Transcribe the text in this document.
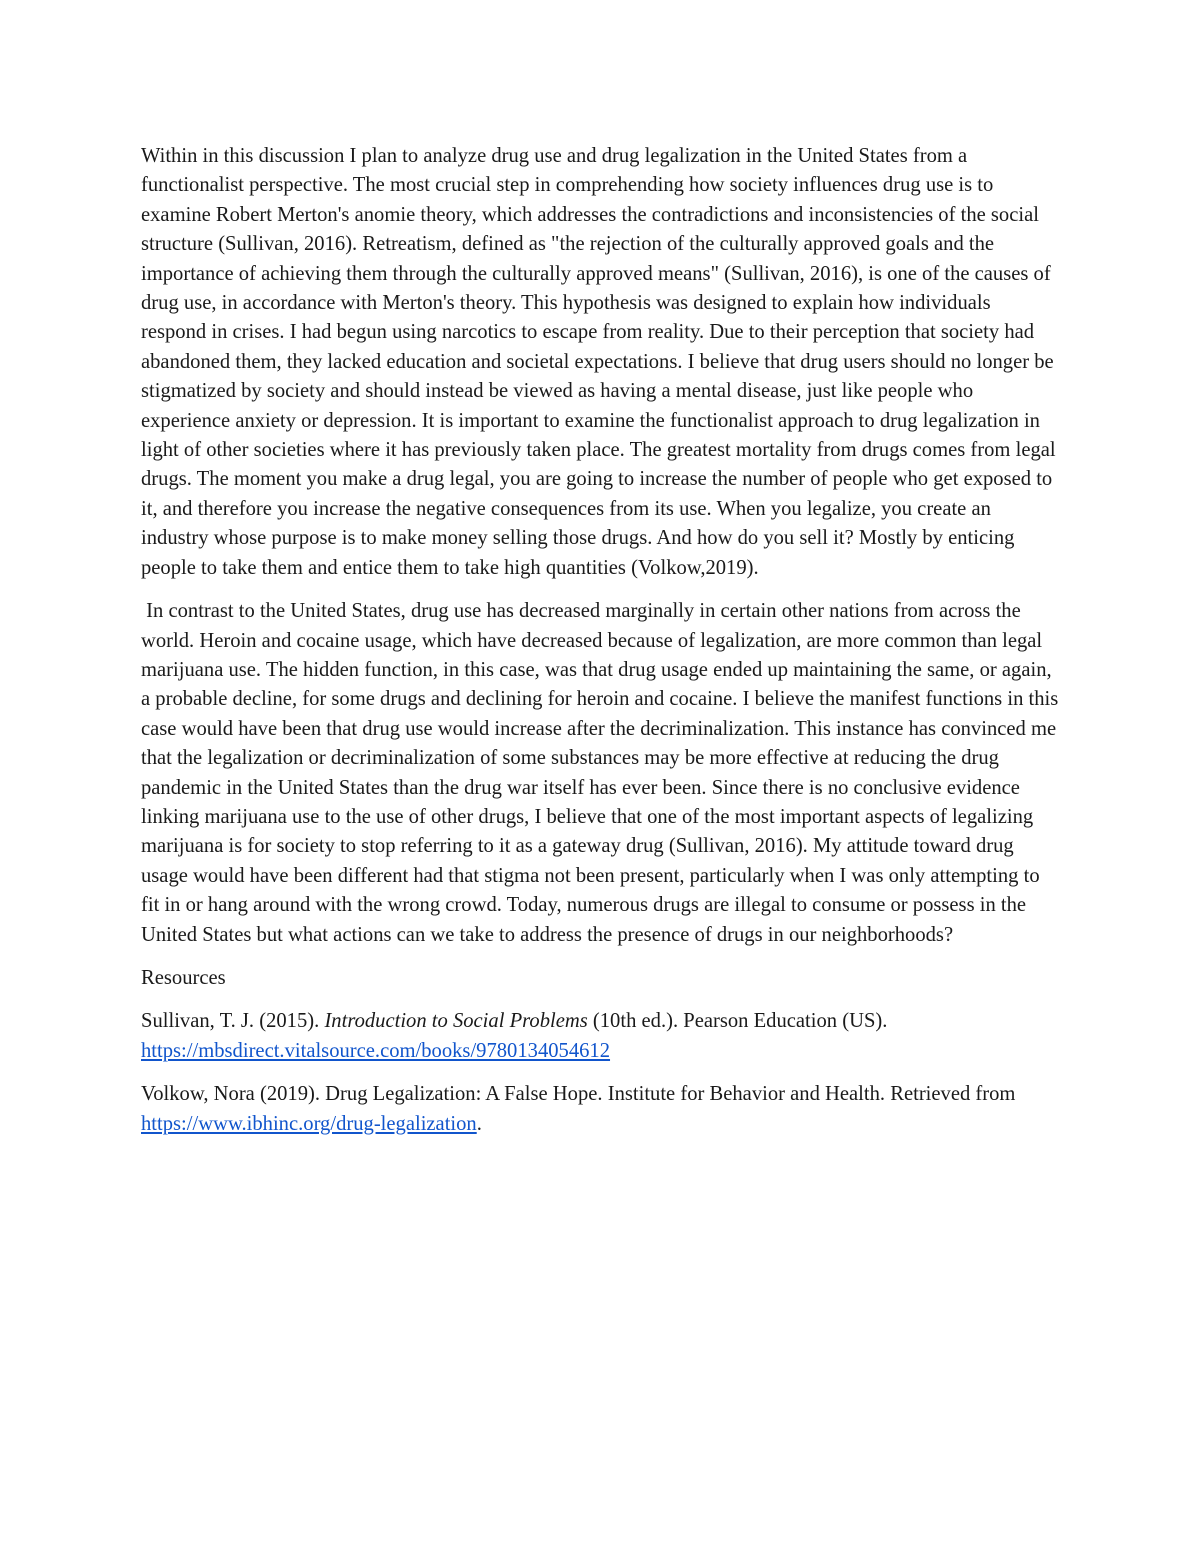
Within in this discussion I plan to analyze drug use and drug legalization in the United States from a functionalist perspective. The most crucial step in comprehending how society influences drug use is to examine Robert Merton's anomie theory, which addresses the contradictions and inconsistencies of the social structure (Sullivan, 2016). Retreatism, defined as "the rejection of the culturally approved goals and the importance of achieving them through the culturally approved means" (Sullivan, 2016), is one of the causes of drug use, in accordance with Merton's theory. This hypothesis was designed to explain how individuals respond in crises. I had begun using narcotics to escape from reality. Due to their perception that society had abandoned them, they lacked education and societal expectations. I believe that drug users should no longer be stigmatized by society and should instead be viewed as having a mental disease, just like people who experience anxiety or depression. It is important to examine the functionalist approach to drug legalization in light of other societies where it has previously taken place. The greatest mortality from drugs comes from legal drugs. The moment you make a drug legal, you are going to increase the number of people who get exposed to it, and therefore you increase the negative consequences from its use. When you legalize, you create an industry whose purpose is to make money selling those drugs. And how do you sell it? Mostly by enticing people to take them and entice them to take high quantities (Volkow,2019).

In contrast to the United States, drug use has decreased marginally in certain other nations from across the world. Heroin and cocaine usage, which have decreased because of legalization, are more common than legal marijuana use. The hidden function, in this case, was that drug usage ended up maintaining the same, or again, a probable decline, for some drugs and declining for heroin and cocaine. I believe the manifest functions in this case would have been that drug use would increase after the decriminalization. This instance has convinced me that the legalization or decriminalization of some substances may be more effective at reducing the drug pandemic in the United States than the drug war itself has ever been. Since there is no conclusive evidence linking marijuana use to the use of other drugs, I believe that one of the most important aspects of legalizing marijuana is for society to stop referring to it as a gateway drug (Sullivan, 2016). My attitude toward drug usage would have been different had that stigma not been present, particularly when I was only attempting to fit in or hang around with the wrong crowd. Today, numerous drugs are illegal to consume or possess in the United States but what actions can we take to address the presence of drugs in our neighborhoods?

Resources

Sullivan, T. J. (2015). Introduction to Social Problems (10th ed.). Pearson Education (US). https://mbsdirect.vitalsource.com/books/9780134054612

Volkow, Nora (2019). Drug Legalization: A False Hope. Institute for Behavior and Health. Retrieved from https://www.ibhinc.org/drug-legalization.
